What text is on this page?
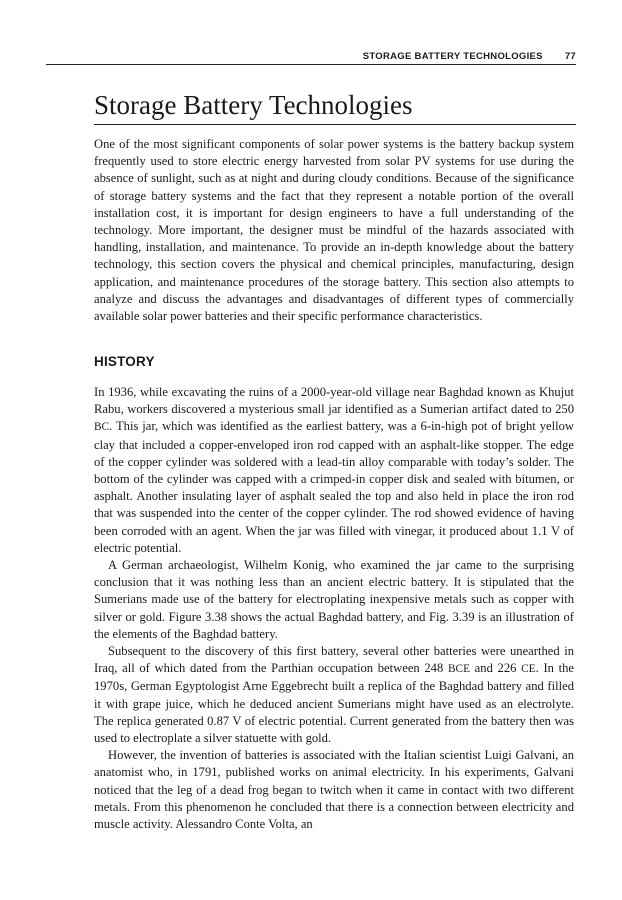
STORAGE BATTERY TECHNOLOGIES 77
Storage Battery Technologies

One of the most significant components of solar power systems is the battery backup system frequently used to store electric energy harvested from solar PV systems for use during the absence of sunlight, such as at night and during cloudy conditions. Because of the significance of storage battery systems and the fact that they represent a notable portion of the overall installation cost, it is important for design engineers to have a full understanding of the technology. More important, the designer must be mindful of the hazards associated with handling, installation, and maintenance. To provide an in-depth knowledge about the battery technology, this section covers the physical and chemical principles, manufacturing, design application, and maintenance procedures of the storage battery. This section also attempts to analyze and discuss the advantages and disadvantages of different types of commercially available solar power batteries and their specific performance characteristics.

HISTORY

In 1936, while excavating the ruins of a 2000-year-old village near Baghdad known as Khujut Rabu, workers discovered a mysterious small jar identified as a Sumerian artifact dated to 250 BC. This jar, which was identified as the earliest battery, was a 6-in-high pot of bright yellow clay that included a copper-enveloped iron rod capped with an asphalt-like stopper. The edge of the copper cylinder was soldered with a lead-tin alloy comparable with today’s solder. The bottom of the cylinder was capped with a crimped-in copper disk and sealed with bitumen, or asphalt. Another insulating layer of asphalt sealed the top and also held in place the iron rod that was suspended into the center of the copper cylinder. The rod showed evidence of having been corroded with an agent. When the jar was filled with vinegar, it produced about 1.1 V of electric potential.

A German archaeologist, Wilhelm Konig, who examined the jar came to the surprising conclusion that it was nothing less than an ancient electric battery. It is stipulated that the Sumerians made use of the battery for electroplating inexpensive metals such as copper with silver or gold. Figure 3.38 shows the actual Baghdad battery, and Fig. 3.39 is an illustration of the elements of the Baghdad battery.

Subsequent to the discovery of this first battery, several other batteries were unearthed in Iraq, all of which dated from the Parthian occupation between 248 BCE and 226 CE. In the 1970s, German Egyptologist Arne Eggebrecht built a replica of the Baghdad battery and filled it with grape juice, which he deduced ancient Sumerians might have used as an electrolyte. The replica generated 0.87 V of electric potential. Current generated from the battery then was used to electroplate a silver statuette with gold.

However, the invention of batteries is associated with the Italian scientist Luigi Galvani, an anatomist who, in 1791, published works on animal electricity. In his experiments, Galvani noticed that the leg of a dead frog began to twitch when it came in contact with two different metals. From this phenomenon he concluded that there is a connection between electricity and muscle activity. Alessandro Conte Volta, an
